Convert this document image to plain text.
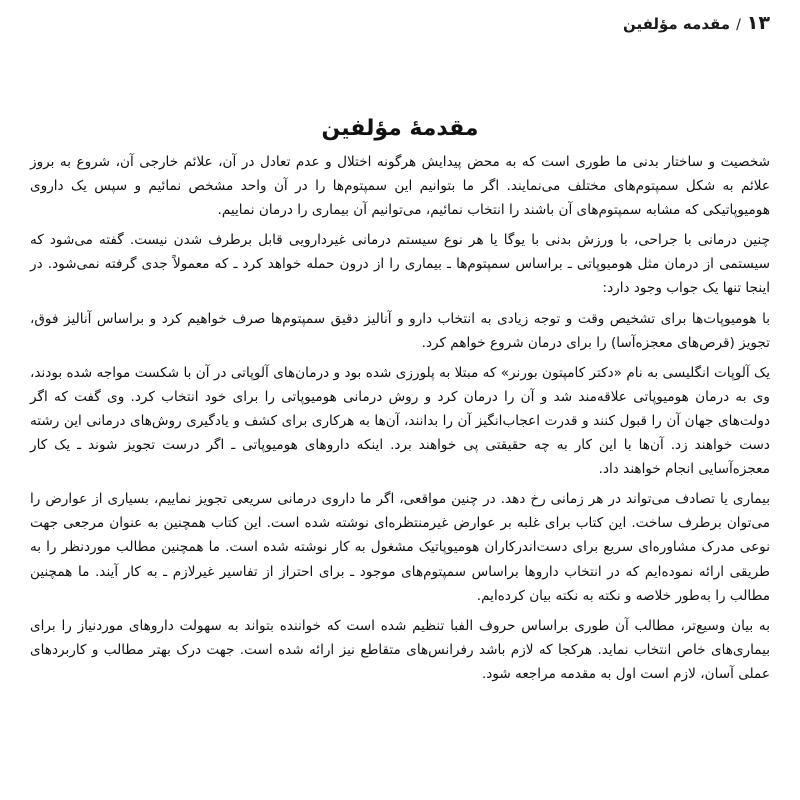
۱۳
/
مقدمه مؤلفین
مقدمهٔ مؤلفین

شخصیت و ساختار بدنی ما طوری است که به محض پیدایش هرگونه اختلال و عدم تعادل در آن، علائم خارجی آن، شروع به بروز علائم به شکل سمپتوم‌های مختلف می‌نمایند. اگر ما بتوانیم این سمپتوم‌ها را در آن واحد مشخص نمائیم و سپس یک داروی هومیوپاتیکی که مشابه سمپتوم‌های آن باشند را انتخاب نمائیم، می‌توانیم آن بیماری را درمان نماییم.

چنین درمانی با جراحی، با ورزش بدنی با یوگا یا هر نوع سیستم درمانی غیردارویی قابل برطرف شدن نیست. گفته می‌شود که سیستمی از درمان مثل هومیوپاتی ـ براساس سمپتوم‌ها ـ بیماری را از درون حمله خواهد کرد ـ که معمولاً جدی گرفته نمی‌شود. در اینجا تنها یک جواب وجود دارد:

با هومیوپات‌ها برای تشخیص وقت و توجه زیادی به انتخاب دارو و آنالیز دقیق سمپتوم‌ها صرف خواهیم کرد و براساس آنالیز فوق، تجویز (قرص‌های معجزه‌آسا) را برای درمان شروع خواهم کرد.

یک آلوپات انگلیسی به نام «دکتر کامپتون بورنر» که مبتلا به پلورزی شده بود و درمان‌های آلوپاتی در آن با شکست مواجه شده بودند، وی به درمان هومیوپاتی علاقه‌مند شد و آن را درمان کرد و روش درمانی هومیوپاتی را برای خود انتخاب کرد. وی گفت که اگر دولت‌های جهان آن را قبول کنند و قدرت اعجاب‌انگیز آن را بدانند، آن‌ها به هرکاری برای کشف و یادگیری روش‌های درمانی این رشته دست خواهند زد. آن‌ها با این کار به چه حقیقتی پی خواهند برد. اینکه داروهای هومیوپاتی ـ اگر درست تجویز شوند ـ یک کار معجزه‌آسایی انجام خواهند داد.

بیماری یا تصادف می‌تواند در هر زمانی رخ دهد. در چنین مواقعی، اگر ما داروی درمانی سریعی تجویز نماییم، بسیاری از عوارض را می‌توان برطرف ساخت. این کتاب برای غلبه بر عوارض غیرمنتظره‌ای نوشته شده است. این کتاب همچنین به عنوان مرجعی جهت نوعی مدرک مشاوره‌ای سریع برای دست‌اندرکاران هومیوپاتیک مشغول به کار نوشته شده است. ما همچنین مطالب موردنظر را به طریقی ارائه نموده‌ایم که در انتخاب داروها براساس سمپتوم‌های موجود ـ برای احتراز از تفاسیر غیرلازم ـ به کار آیند. ما همچنین مطالب را به‌طور خلاصه و نکته به نکته بیان کرده‌ایم.

به بیان وسیع‌تر، مطالب آن طوری براساس حروف الفبا تنظیم شده است که خواننده بتواند به سهولت داروهای موردنیاز را برای بیماری‌های خاص انتخاب نماید. هرکجا که لازم باشد رفرانس‌های متقاطع نیز ارائه شده است. جهت درک بهتر مطالب و کاربردهای عملی آسان، لازم است اول به مقدمه مراجعه شود.
